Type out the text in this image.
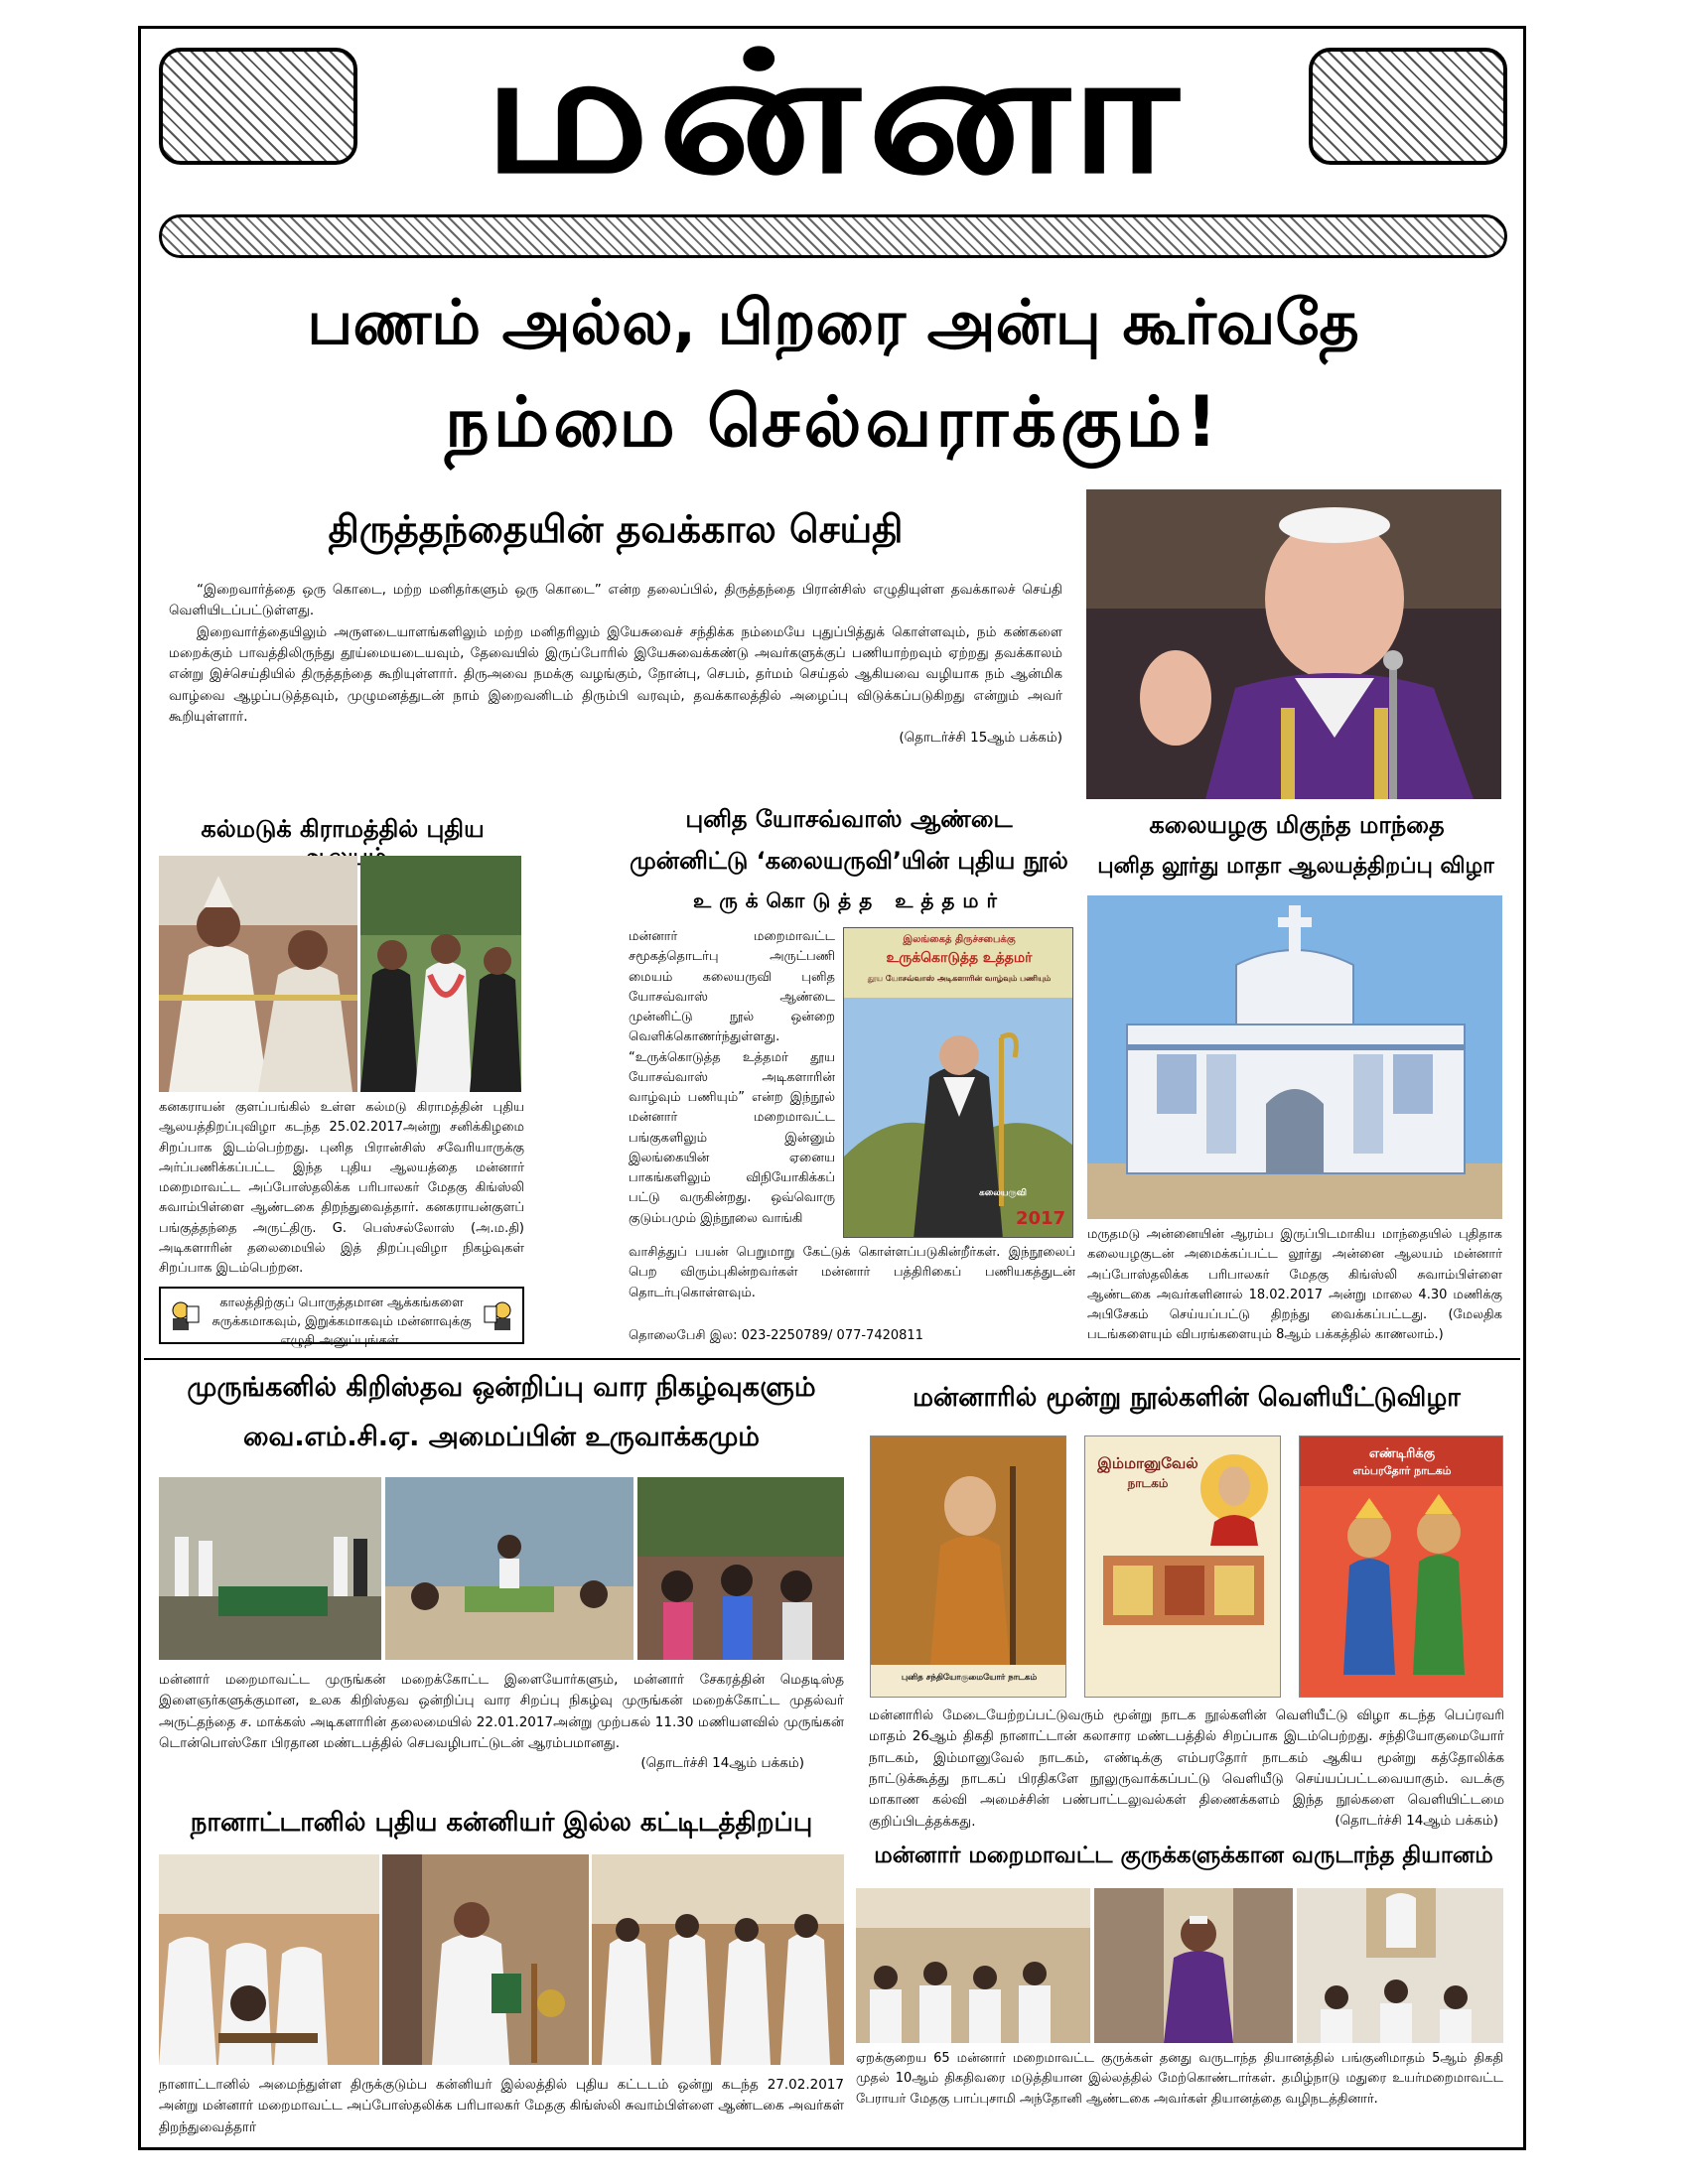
மன்னா
பணம் அல்ல, பிறரை அன்பு கூர்வதே
நம்மை செல்வராக்கும்!
திருத்தந்தையின் தவக்கால செய்தி
“இறைவார்த்தை ஒரு கொடை, மற்ற மனிதர்களும் ஒரு கொடை” என்ற தலைப்பில், திருத்தந்தை பிரான்சிஸ் எழுதியுள்ள தவக்காலச் செய்தி வெளியிடப்பட்டுள்ளது.
இறைவார்த்தையிலும் அருளடையாளங்களிலும் மற்ற மனிதரிலும் இயேசுவைச் சந்திக்க நம்மையே புதுப்பித்துக் கொள்ளவும், நம் கண்களை மறைக்கும் பாவத்திலிருந்து தூய்மையடையவும், தேவையில் இருப்போரில் இயேசுவைக்கண்டு அவர்களுக்குப் பணியாற்றவும் ஏற்றது தவக்காலம் என்று இச்செய்தியில் திருத்தந்தை கூறியுள்ளார். திருஅவை நமக்கு வழங்கும், நோன்பு, செபம், தர்மம் செய்தல் ஆகியவை வழியாக நம் ஆன்மிக வாழ்வை ஆழப்படுத்தவும், முழுமனத்துடன் நாம் இறைவனிடம் திரும்பி வரவும், தவக்காலத்தில் அழைப்பு விடுக்கப்படுகிறது என்றும் அவர் கூறியுள்ளார்.
(தொடர்ச்சி 15ஆம் பக்கம்)
கல்மடுக் கிராமத்தில் புதிய
கனகராயன் குளப்பங்கில் உள்ள கல்மடு கிராமத்தின் புதிய ஆலயத்திறப்புவிழா கடந்த 25.02.2017அன்று சனிக்கிழமை சிறப்பாக இடம்பெற்றது. புனித பிரான்சிஸ் சவேரியாருக்கு அர்ப்பணிக்கப்பட்ட இந்த புதிய ஆலயத்தை மன்னார் மறைமாவட்ட அப்போஸ்தலிக்க பரிபாலகர் மேதகு கிங்ஸ்லி சுவாம்பிள்ளை ஆண்டகை திறந்துவைத்தார். கனகராயன்குளப் பங்குத்தந்தை அருட்திரு. G. பெஸ்சல்லோஸ் (அ.ம.தி) அடிகளாரின் தலைமையில் இத் திறப்புவிழா நிகழ்வுகள் சிறப்பாக இடம்பெற்றன.
காலத்திற்குப் பொருத்தமான ஆக்கங்களை சுருக்கமாகவும், இறுக்கமாகவும் மன்னாவுக்கு எழுதி அனுப்புங்கள்.
புனித யோசவ்வாஸ் ஆண்டை
முன்னிட்டு ‘கலையருவி’யின் புதிய நூல்
உருக்கொடுத்த உத்தமர்
மன்னார் மறைமாவட்ட சமூகத்தொடர்பு அருட்பணி மையம் கலையருவி புனித யோசவ்வாஸ் ஆண்டை முன்னிட்டு நூல் ஒன்றை வெளிக்கொணர்ந்துள்ளது. “உருக்கொடுத்த உத்தமர் தூய யோசவ்வாஸ் அடிகளாரின் வாழ்வும் பணியும்” என்ற இந்நூல் மன்னார் மறைமாவட்ட பங்குகளிலும் இன்னும் இலங்கையின் ஏனைய பாகங்களிலும் விநியோகிக்கப் பட்டு வருகின்றது. ஒவ்வொரு குடும்பமும் இந்நூலை வாங்கி
இலங்கைத் திருச்சபைக்கு
உருக்கொடுத்த உத்தமர்
தூய யோசவ்வாஸ் அடிகளாரின் வாழ்வும் பணியும்
கலையருவி
2017
வாசித்துப் பயன் பெறுமாறு கேட்டுக் கொள்ளப்படுகின்றீர்கள். இந்நூலைப் பெற விரும்புகின்றவர்கள் மன்னார் பத்திரிகைப் பணியகத்துடன் தொடர்புகொள்ளவும்.
தொலைபேசி இல: 023-2250789/ 077-7420811
கலையழகு மிகுந்த மாந்தை
புனித லூர்து மாதா ஆலயத்திறப்பு விழா
மருதமடு அன்னையின் ஆரம்ப இருப்பிடமாகிய மாந்தையில் புதிதாக கலையழகுடன் அமைக்கப்பட்ட லூர்து அன்னை ஆலயம் மன்னார் அப்போஸ்தலிக்க பரிபாலகர் மேதகு கிங்ஸ்லி சுவாம்பிள்ளை ஆண்டகை அவர்களினால் 18.02.2017 அன்று மாலை 4.30 மணிக்கு அபிசேகம் செய்யப்பட்டு திறந்து வைக்கப்பட்டது. (மேலதிக படங்களையும் விபரங்களையும் 8ஆம் பக்கத்தில் காணலாம்.)
முருங்கனில் கிறிஸ்தவ ஒன்றிப்பு வார நிகழ்வுகளும்
வை.எம்.சி.ஏ. அமைப்பின் உருவாக்கமும்
மன்னார் மறைமாவட்ட முருங்கன் மறைக்கோட்ட இளையோர்களும், மன்னார் சேகரத்தின் மெதடிஸ்த இளைஞர்களுக்குமான, உலக கிறிஸ்தவ ஒன்றிப்பு வார சிறப்பு நிகழ்வு முருங்கன் மறைக்கோட்ட முதல்வர் அருட்தந்தை ச. மாக்கஸ் அடிகளாரின் தலைமையில் 22.01.2017அன்று முற்பகல் 11.30 மணியளவில் முருங்கன் டொன்பொஸ்கோ பிரதான மண்டபத்தில் செபவழிபாட்டுடன் ஆரம்பமானது.
(தொடர்ச்சி 14ஆம் பக்கம்)
மன்னாரில் மூன்று நூல்களின் வெளியீட்டுவிழா
புனித சந்தியோகுமையோர் நாடகம்
இம்மானுவேல்
நாடகம்
எண்டிரிக்கு
எம்பரதோர் நாடகம்
மன்னாரில் மேடையேற்றப்பட்டுவரும் மூன்று நாடக நூல்களின் வெளியீட்டு விழா கடந்த பெப்ரவரி மாதம் 26ஆம் திகதி நானாட்டான் கலாசார மண்டபத்தில் சிறப்பாக இடம்பெற்றது. சந்தியோகுமையோர் நாடகம், இம்மானுவேல் நாடகம், எண்டிக்கு எம்பரதோர் நாடகம் ஆகிய மூன்று கத்தோலிக்க நாட்டுக்கூத்து நாடகப் பிரதிகளே நூலுருவாக்கப்பட்டு வெளியீடு செய்யப்பட்டவையாகும். வடக்கு மாகாண கல்வி அமைச்சின் பண்பாட்டலுவல்கள் திணைக்களம் இந்த நூல்களை வெளியிட்டமை குறிப்பிடத்தக்கது.	(தொடர்ச்சி 14ஆம் பக்கம்)
நானாட்டானில் புதிய கன்னியர் இல்ல கட்டிடத்திறப்பு
நானாட்டானில் அமைந்துள்ள திருக்குடும்ப கன்னியர் இல்லத்தில் புதிய கட்டடம் ஒன்று கடந்த 27.02.2017 அன்று மன்னார் மறைமாவட்ட அப்போஸ்தலிக்க பரிபாலகர் மேதகு கிங்ஸ்லி சுவாம்பிள்ளை ஆண்டகை அவர்கள் திறந்துவைத்தார்
மன்னார் மறைமாவட்ட குருக்களுக்கான வருடாந்த தியானம்
ஏறக்குறைய 65 மன்னார் மறைமாவட்ட குருக்கள் தனது வருடாந்த தியானத்தில் பங்குனிமாதம் 5ஆம் திகதி முதல் 10ஆம் திகதிவரை மடுத்தியான இல்லத்தில் மேற்கொண்டார்கள். தமிழ்நாடு மதுரை உயர்மறைமாவட்ட பேராயர் மேதகு பாப்புசாமி அந்தோனி ஆண்டகை அவர்கள் தியானத்தை வழிநடத்தினார்.
